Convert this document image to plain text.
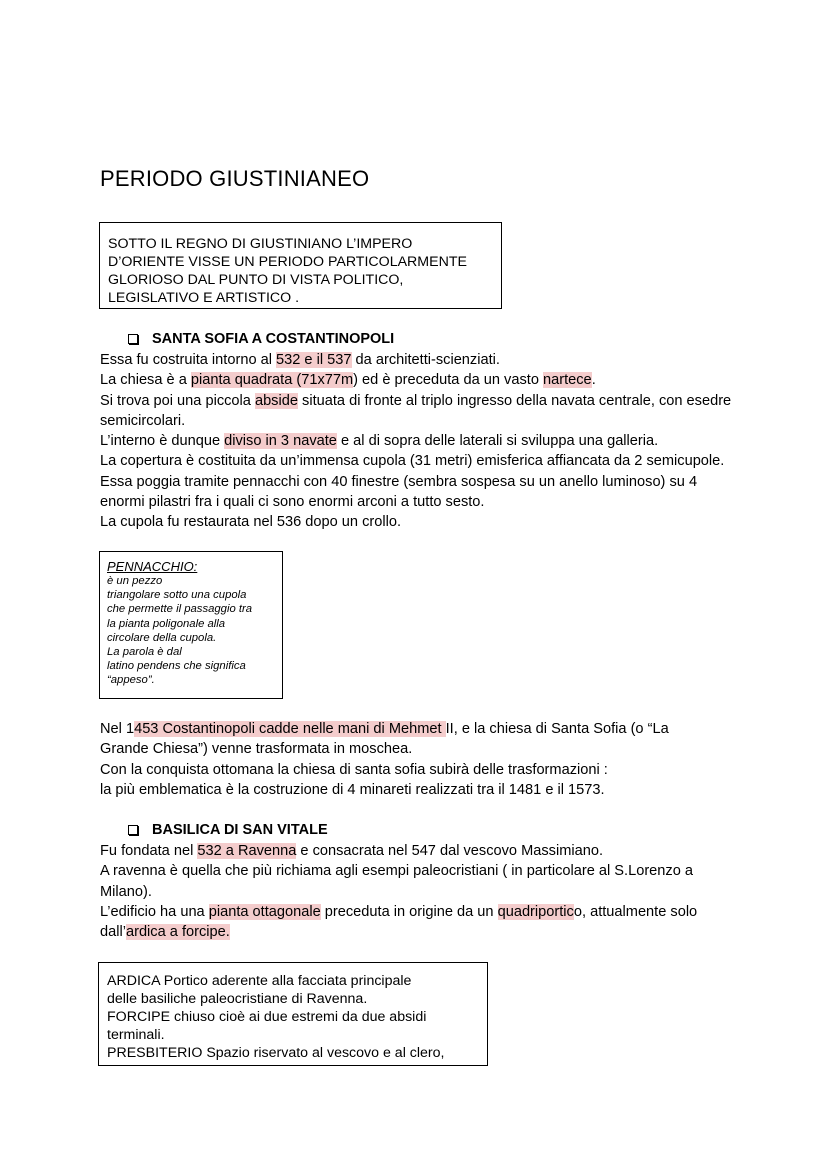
PERIODO GIUSTINIANEO

SOTTO IL REGNO DI GIUSTINIANO L’IMPERO

D’ORIENTE VISSE UN PERIODO PARTICOLARMENTE

GLORIOSO DAL PUNTO DI VISTA POLITICO,

LEGISLATIVO E ARTISTICO .

SANTA SOFIA A COSTANTINOPOLI

Essa fu costruita intorno al 532 e il 537 da architetti-scienziati.

La chiesa è a pianta quadrata (71x77m) ed è preceduta da un vasto nartece.

Si trova poi una piccola abside situata di fronte al triplo ingresso della navata centrale, con esedre semicircolari.

L’interno è dunque diviso in 3 navate e al di sopra delle laterali si sviluppa una galleria.

La copertura è costituita da un’immensa cupola (31 metri) emisferica affiancata da 2 semicupole.

Essa poggia tramite pennacchi con 40 finestre (sembra sospesa su un anello luminoso) su 4 enormi pilastri fra i quali ci sono enormi arconi a tutto sesto.

La cupola fu restaurata nel 536 dopo un crollo.

PENNACCHIO:

è un pezzo

triangolare sotto una cupola

che permette il passaggio tra

la pianta poligonale alla

circolare della cupola.

La parola è dal

latino pendens che significa

“appeso”.

Nel 1453 Costantinopoli cadde nelle mani di Mehmet II, e la chiesa di Santa Sofia (o “La Grande Chiesa”) venne trasformata in moschea.

Con la conquista ottomana la chiesa di santa sofia subirà delle trasformazioni :

la più emblematica è la costruzione di 4 minareti realizzati tra il 1481 e il 1573.

BASILICA DI SAN VITALE

Fu fondata nel 532 a Ravenna e consacrata nel 547 dal vescovo Massimiano.

A ravenna è quella che più richiama agli esempi paleocristiani ( in particolare al S.Lorenzo a Milano).

L’edificio ha una pianta ottagonale preceduta in origine da un quadriportico, attualmente solo dall’ardica a forcipe.

ARDICA Portico aderente alla facciata principale

delle basiliche paleocristiane di Ravenna.

FORCIPE chiuso cioè ai due estremi da due absidi

terminali.

PRESBITERIO Spazio riservato al vescovo e al clero,
